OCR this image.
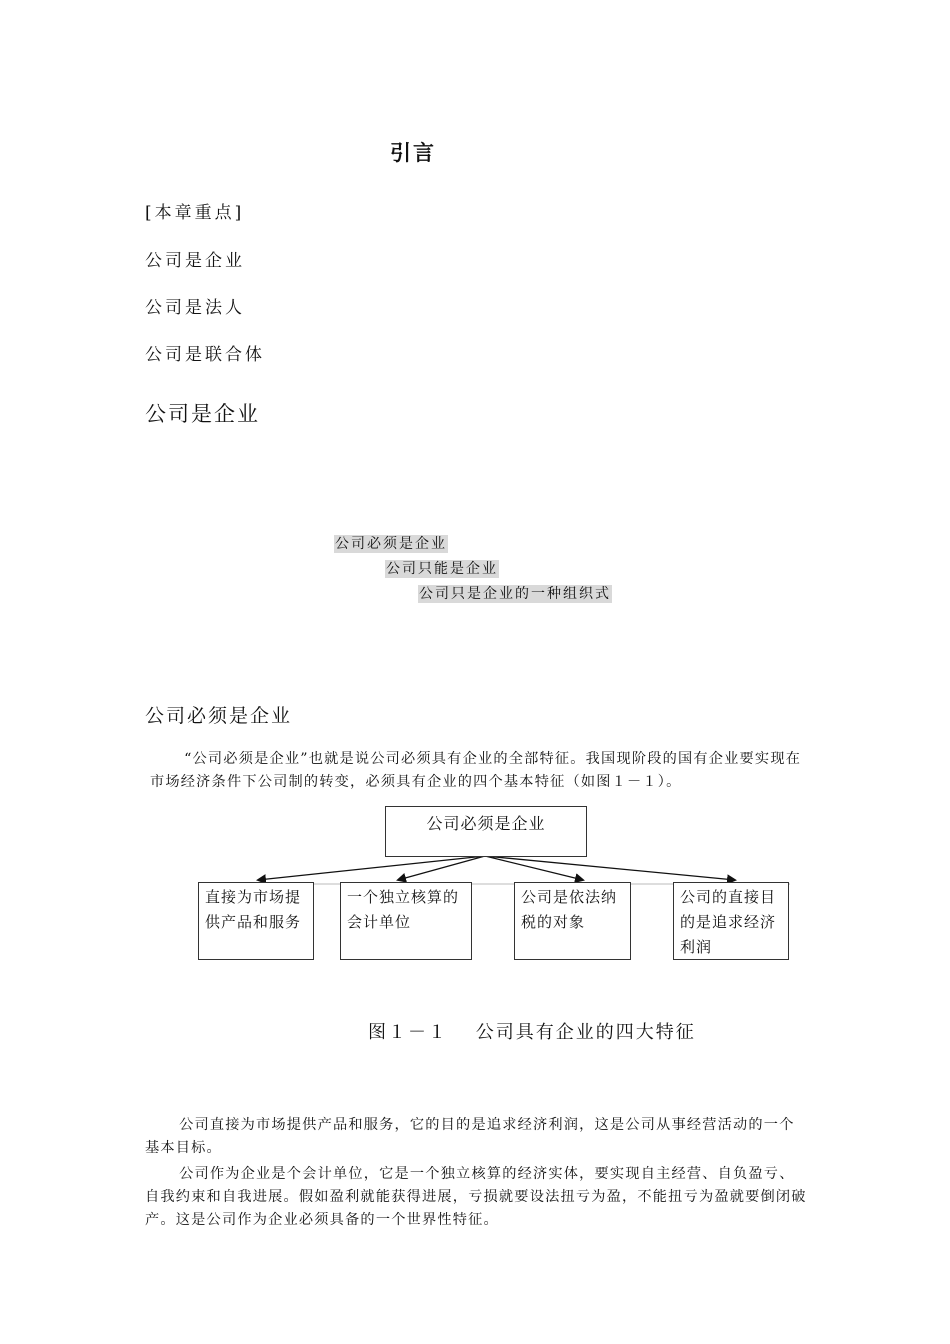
引言
[本章重点]
公司是企业
公司是法人
公司是联合体
公司是企业
公司必须是企业
公司只能是企业
公司只是企业的一种组织式
公司必须是企业
“公司必须是企业”也就是说公司必须具有企业的全部特征。我国现阶段的国有企业要实现在市场经济条件下公司制的转变，必须具有企业的四个基本特征（如图１－１）。
公司必须是企业
直接为市场提供产品和服务
一个独立核算的会计单位
公司是依法纳税的对象
公司的直接目的是追求经济利润
图１－１　 公司具有企业的四大特征
公司直接为市场提供产品和服务，它的目的是追求经济利润，这是公司从事经营活动的一个基本目标。
公司作为企业是个会计单位，它是一个独立核算的经济实体，要实现自主经营、自负盈亏、自我约束和自我进展。假如盈利就能获得进展，亏损就要设法扭亏为盈，不能扭亏为盈就要倒闭破产。这是公司作为企业必须具备的一个世界性特征。
